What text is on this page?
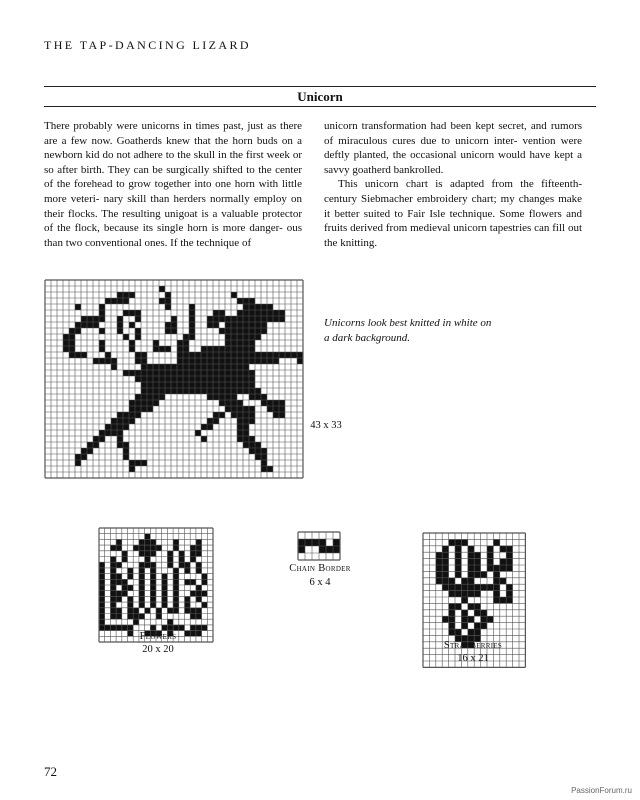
THE TAP-DANCING LIZARD
Unicorn

There probably were unicorns in times past, just as there are a few now. Goatherds knew that the horn buds on a newborn kid do not adhere to the skull in the first week or so after birth. They can be surgically shifted to the center of the forehead to grow together into one horn with little more veteri- nary skill than herders normally employ on their flocks. The resulting unigoat is a valuable protector of the flock, because its single horn is more danger- ous than two conventional ones. If the technique of

unicorn transformation had been kept secret, and rumors of miraculous cures due to unicorn inter- vention were deftly planted, the occasional unicorn would have kept a savvy goatherd bankrolled.

This unicorn chart is adapted from the fifteenth- century Siebmacher embroidery chart; my changes make it better suited to Fair Isle technique. Some flowers and fruits derived from medieval unicorn tapestries can fill out the knitting.

Unicorns look best knitted in white on a dark background.
43 x 33
Flowers
20 x 20
Chain Border
6 x 4
Strawberries
16 x 21
72
PassionForum.ru
